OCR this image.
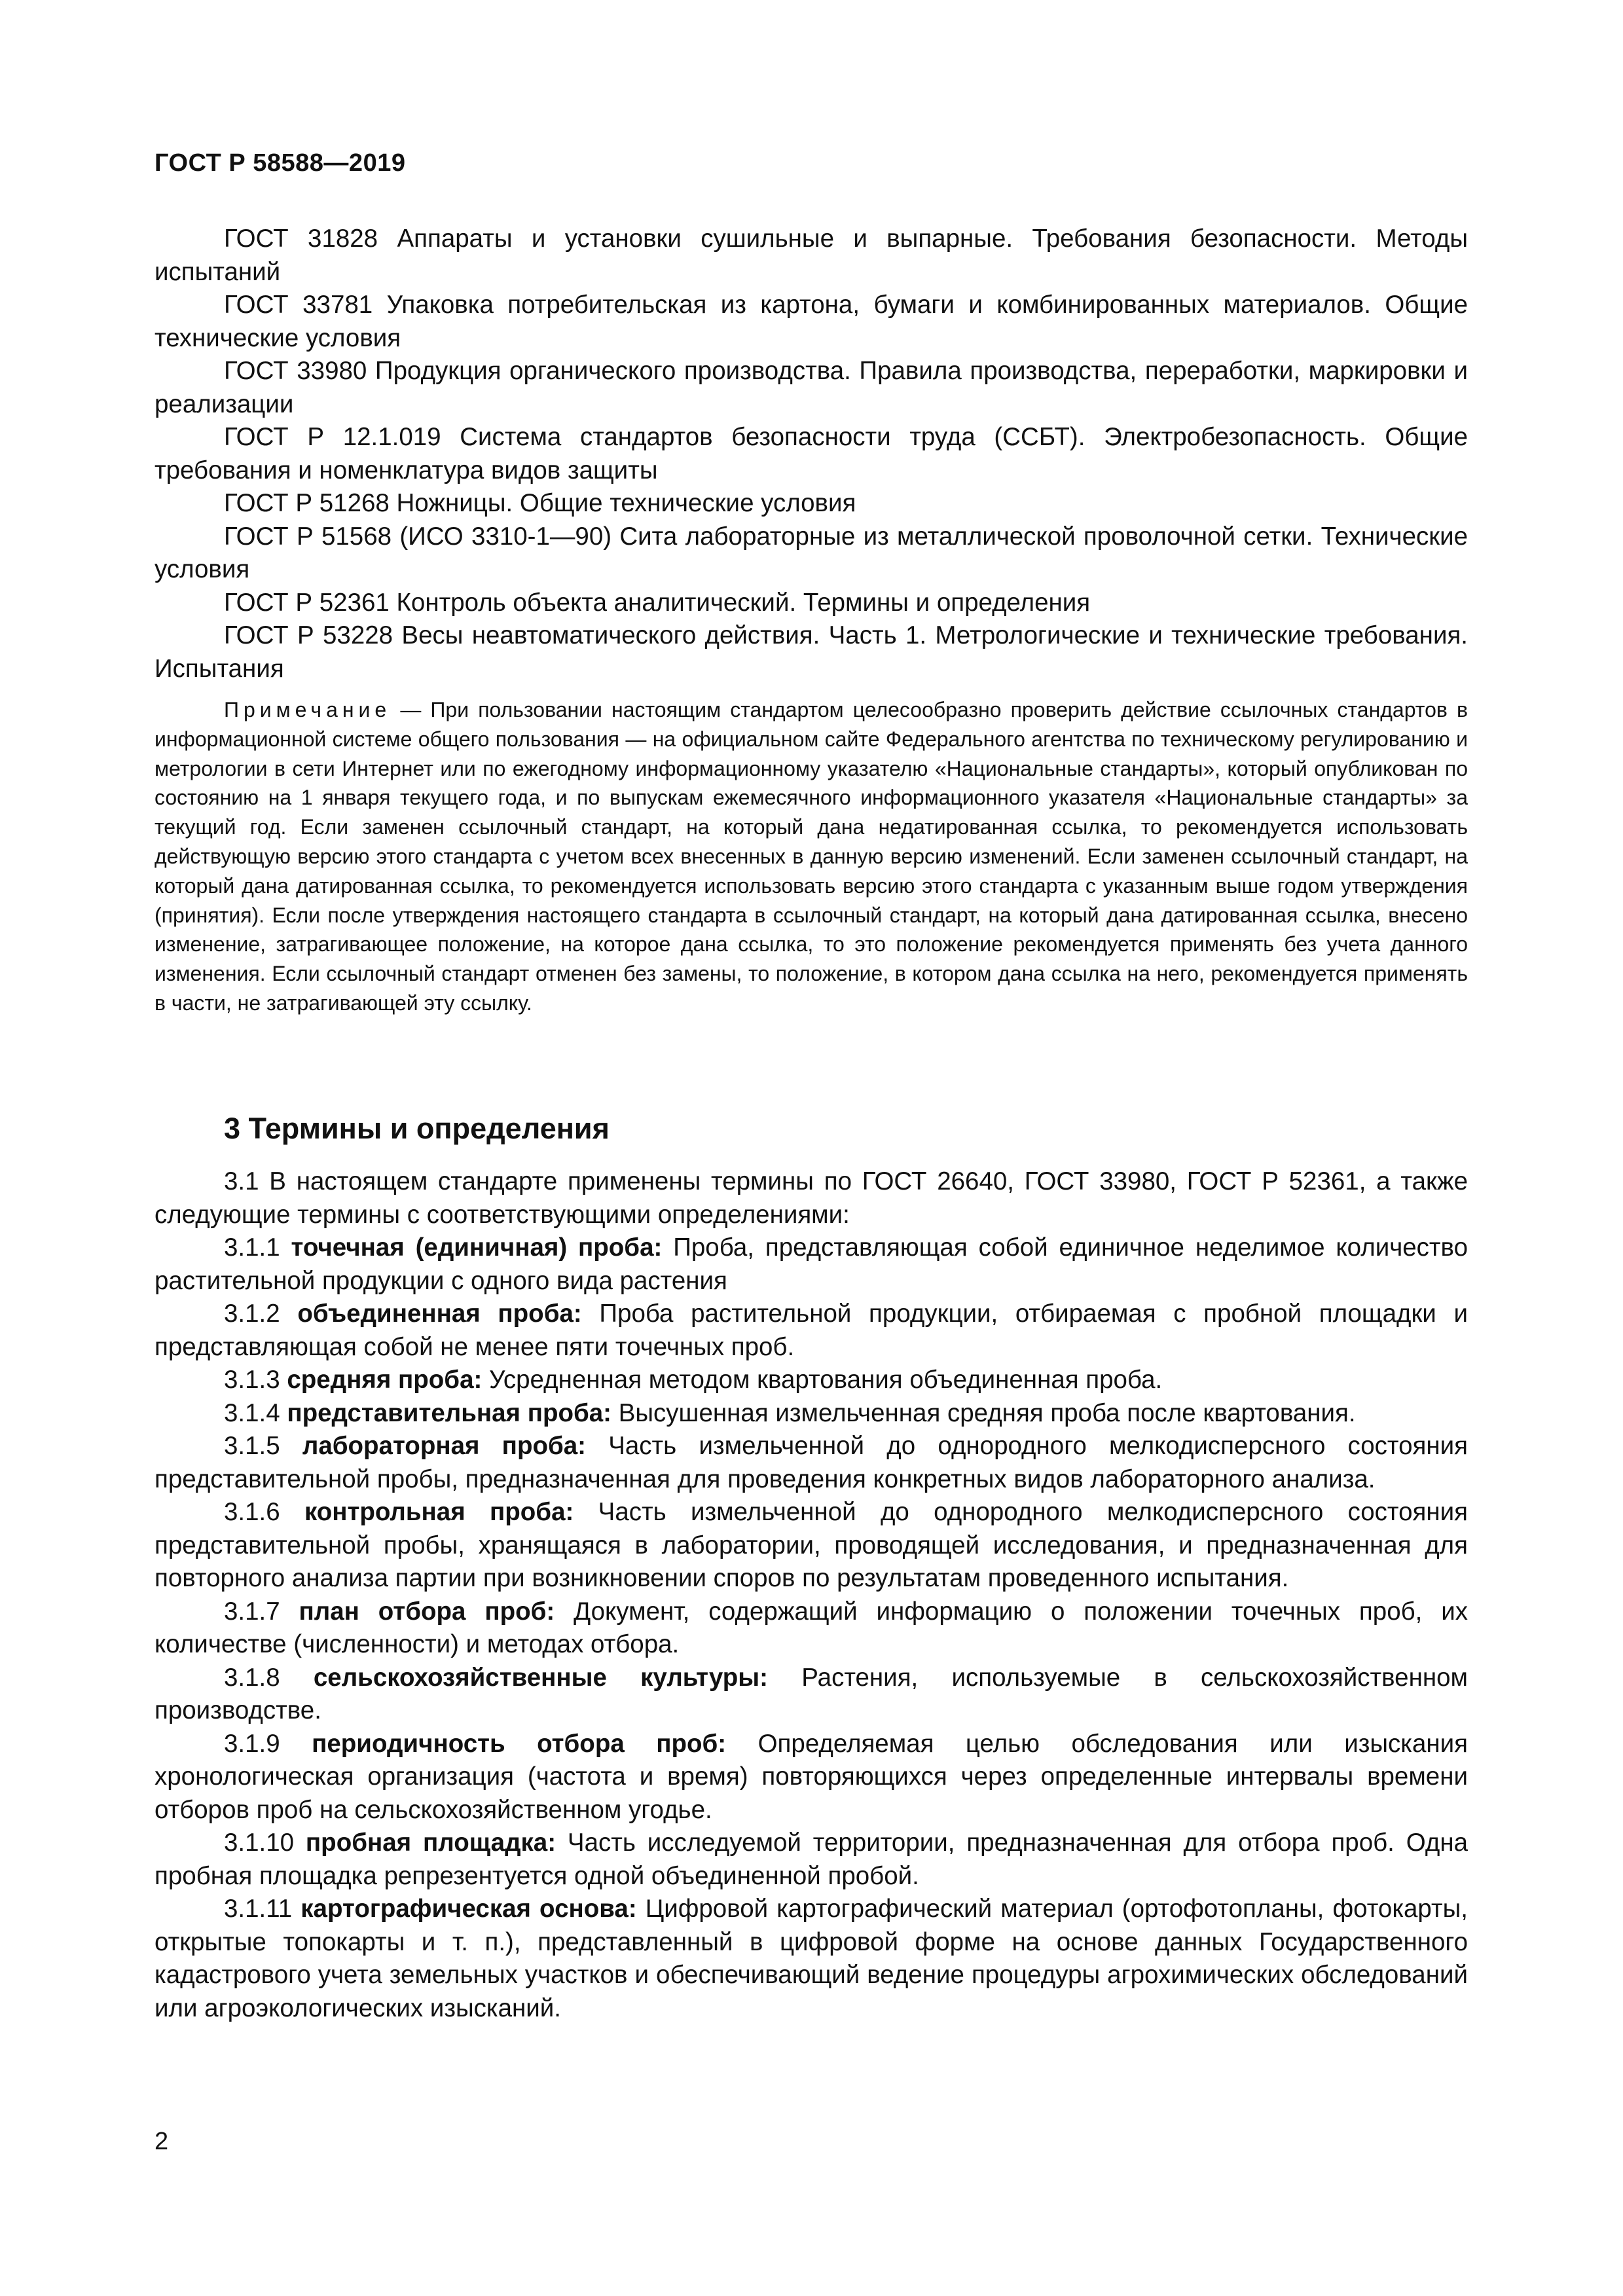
ГОСТ Р 58588—2019

ГОСТ 31828 Аппараты и установки сушильные и выпарные. Требования безопасности. Методы испытаний

ГОСТ 33781 Упаковка потребительская из картона, бумаги и комбинированных материалов. Общие технические условия

ГОСТ 33980 Продукция органического производства. Правила производства, переработки, маркировки и реализации

ГОСТ Р 12.1.019 Система стандартов безопасности труда (ССБТ). Электробезопасность. Общие требования и номенклатура видов защиты

ГОСТ Р 51268 Ножницы. Общие технические условия

ГОСТ Р 51568 (ИСО 3310-1—90) Сита лабораторные из металлической проволочной сетки. Технические условия

ГОСТ Р 52361 Контроль объекта аналитический. Термины и определения

ГОСТ Р 53228 Весы неавтоматического действия. Часть 1. Метрологические и технические требования. Испытания

Примечание — При пользовании настоящим стандартом целесообразно проверить действие ссылочных стандартов в информационной системе общего пользования — на официальном сайте Федерального агентства по техническому регулированию и метрологии в сети Интернет или по ежегодному информационному указателю «Национальные стандарты», который опубликован по состоянию на 1 января текущего года, и по выпускам ежемесячного информационного указателя «Национальные стандарты» за текущий год. Если заменен ссылочный стандарт, на который дана недатированная ссылка, то рекомендуется использовать действующую версию этого стандарта с учетом всех внесенных в данную версию изменений. Если заменен ссылочный стандарт, на который дана датированная ссылка, то рекомендуется использовать версию этого стандарта с указанным выше годом утверждения (принятия). Если после утверждения настоящего стандарта в ссылочный стандарт, на который дана датированная ссылка, внесено изменение, затрагивающее положение, на которое дана ссылка, то это положение рекомендуется применять без учета данного изменения. Если ссылочный стандарт отменен без замены, то положение, в котором дана ссылка на него, рекомендуется применять в части, не затрагивающей эту ссылку.

3 Термины и определения

3.1 В настоящем стандарте применены термины по ГОСТ 26640, ГОСТ 33980, ГОСТ Р 52361, а также следующие термины с соответствующими определениями:

3.1.1 точечная (единичная) проба: Проба, представляющая собой единичное неделимое количество растительной продукции с одного вида растения

3.1.2 объединенная проба: Проба растительной продукции, отбираемая с пробной площадки и представляющая собой не менее пяти точечных проб.

3.1.3 средняя проба: Усредненная методом квартования объединенная проба.

3.1.4 представительная проба: Высушенная измельченная средняя проба после квартования.

3.1.5 лабораторная проба: Часть измельченной до однородного мелкодисперсного состояния представительной пробы, предназначенная для проведения конкретных видов лабораторного анализа.

3.1.6 контрольная проба: Часть измельченной до однородного мелкодисперсного состояния представительной пробы, хранящаяся в лаборатории, проводящей исследования, и предназначенная для повторного анализа партии при возникновении споров по результатам проведенного испытания.

3.1.7 план отбора проб: Документ, содержащий информацию о положении точечных проб, их количестве (численности) и методах отбора.

3.1.8 сельскохозяйственные культуры: Растения, используемые в сельскохозяйственном производстве.

3.1.9 периодичность отбора проб: Определяемая целью обследования или изыскания хронологическая организация (частота и время) повторяющихся через определенные интервалы времени отборов проб на сельскохозяйственном угодье.

3.1.10 пробная площадка: Часть исследуемой территории, предназначенная для отбора проб. Одна пробная площадка репрезентуется одной объединенной пробой.

3.1.11 картографическая основа: Цифровой картографический материал (ортофотопланы, фотокарты, открытые топокарты и т. п.), представленный в цифровой форме на основе данных Государственного кадастрового учета земельных участков и обеспечивающий ведение процедуры агрохимических обследований или агроэкологических изысканий.

2
